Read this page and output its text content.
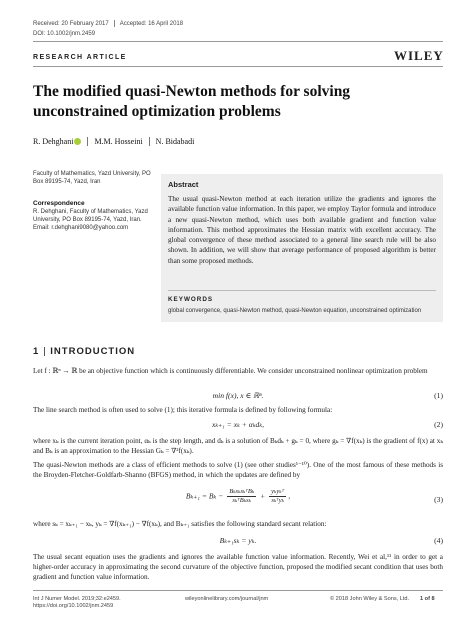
Received: 20 February 2017 Accepted: 16 April 2018
DOI: 10.1002/jnm.2459
RESEARCH ARTICLE	WILEY
The modified quasi-Newton methods for solving unconstrained optimization problems
R. Dehghani	M.M. Hosseini N. Bidabadi
Faculty of Mathematics, Yazd University, PO Box 89195-74, Yazd, Iran
Correspondence
R. Dehghani, Faculty of Mathematics, Yazd University, PO Box 89195-74, Yazd, Iran.
Email: r.dehghani9080@yahoo.com
Abstract
The usual quasi-Newton method at each iteration utilize the gradients and ignores the available function value information. In this paper, we employ Taylor formula and introduce a new quasi-Newton method, which uses both available gradient and function value information. This method approximates the Hessian matrix with excellent accuracy. The global convergence of these method associated to a general line search rule will be also shown. In addition, we will show that average performance of proposed algorithm is better than some proposed methods.
KEYWORDS
global convergence, quasi-Newton method, quasi-Newton equation, unconstrained optimization
1 INTRODUCTION
Let f : ℝⁿ → ℝ be an objective function which is continuously differentiable. We consider unconstrained nonlinear optimization problem
min f(x), x ∈ ℝⁿ.	(1)
The line search method is often used to solve (1); this iterative formula is defined by following formula:
xₖ₊₁ = xₖ + αₖdₖ,	(2)
where xₖ is the current iteration point, αₖ is the step length, and dₖ is a solution of Bₖdₖ + gₖ = 0, where gₖ = ∇f(xₖ) is the gradient of f(x) at xₖ and Bₖ is an approximation to the Hessian Gₖ = ∇²f(xₖ).
The quasi-Newton methods are a class of efficient methods to solve (1) (see other studies¹⁻¹⁰). One of the most famous of these methods is the Broyden-Fletcher-Goldfarb-Shanno (BFGS) method, in which the updates are defined by
$B_{k+1} = B_k - \frac{\text{BₖsₖsₖᵀBₖ}}{\text{sₖᵀBₖsₖ}} + \frac{\text{yₖyₖᵀ}}{\text{sₖᵀyₖ}}$ ,	(3)
where sₖ = xₖ₊₁ − xₖ, yₖ = ∇f(xₖ₊₁) − ∇f(xₖ), and Bₖ₊₁ satisfies the following standard secant relation:
Bₖ₊₁sₖ = yₖ.	(4)
The usual secant equation uses the gradients and ignores the available function value information. Recently, Wei et al,¹¹ in order to get a higher-order accuracy in approximating the second curvature of the objective function, proposed the modified secant condition that uses both gradient and function value information.
Int J Numer Model. 2019;32:e2459.
https://doi.org/10.1002/jnm.2459
wileyonlinelibrary.com/journal/jnm	© 2018 John Wiley & Sons, Ltd. 1 of 8
